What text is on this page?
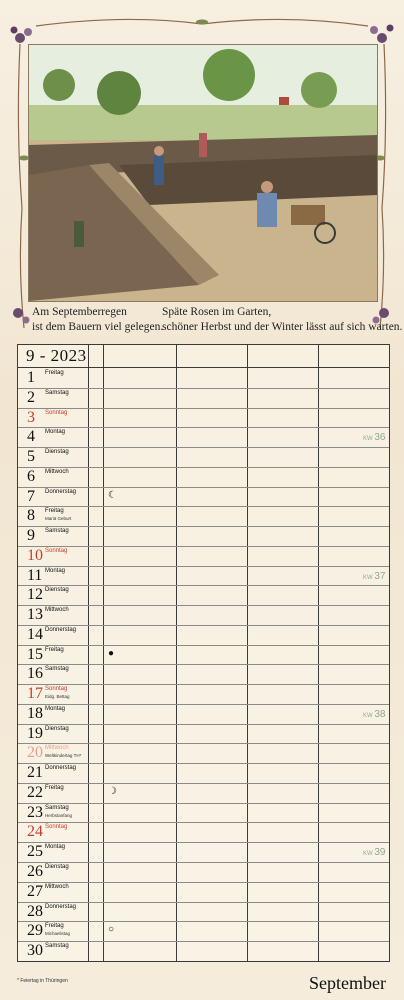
Am Septemberregen
ist dem Bauern viel gelegen.
Späte Rosen im Garten,
schöner Herbst und der Winter lässt auf sich warten.
9 - 2023
1 Freitag
2 Samstag
3 Sonntag
4 Montag
KW 36
5 Dienstag
6 Mittwoch
7 Donnerstag	☾
8 Freitag
Mariä Geburt
9 Samstag
10 Sonntag
11 Montag
KW 37
12 Dienstag
13 Mittwoch
14 Donnerstag
15 Freitag	●
16 Samstag
17 Sonntag
Eidg. Bettag
18 Montag
KW 38
19 Dienstag
20 Mittwoch
Weltkindertag TH*
21 Donnerstag
22 Freitag	☽
23 Samstag
Herbstanfang
24 Sonntag
25 Montag
KW 39
26 Dienstag
27 Mittwoch
28 Donnerstag
29 Freitag
Michaelistag	○
30 Samstag
* Feiertag in Thüringen	September
